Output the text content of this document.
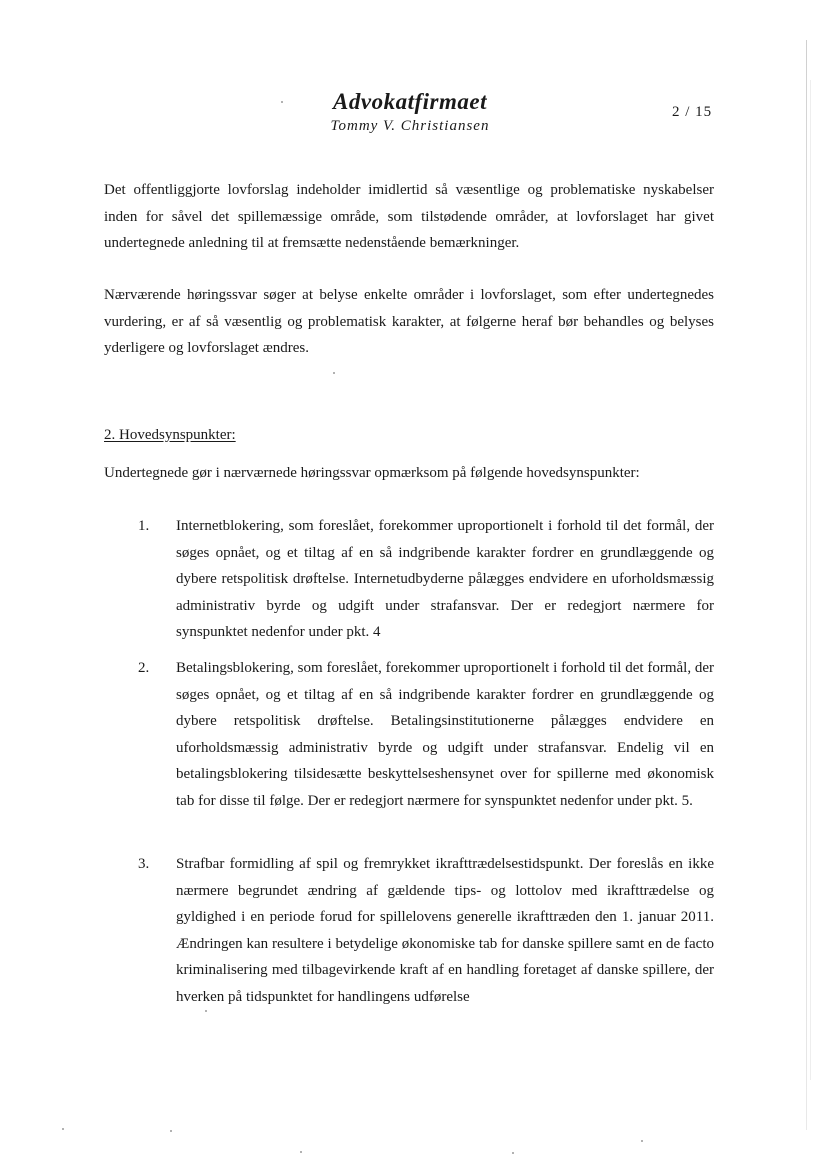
Advokatfirmaet
Tommy V. Christiansen
2 / 15
Det offentliggjorte lovforslag indeholder imidlertid så væsentlige og problematiske nyskabelser inden for såvel det spillemæssige område, som tilstødende områder, at lovforslaget har givet undertegnede anledning til at fremsætte nedenstående bemærkninger.
Nærværende høringssvar søger at belyse enkelte områder i lovforslaget, som efter undertegnedes vurdering, er af så væsentlig og problematisk karakter, at følgerne heraf bør behandles og belyses yderligere og lovforslaget ændres.
2. Hovedsynspunkter:
Undertegnede gør i nærværnede høringssvar opmærksom på følgende hovedsynspunkter:
1. Internetblokering, som foreslået, forekommer uproportionelt i forhold til det formål, der søges opnået, og et tiltag af en så indgribende karakter fordrer en grundlæggende og dybere retspolitisk drøftelse. Internetudbyderne pålægges endvidere en uforholdsmæssig administrativ byrde og udgift under strafansvar. Der er redegjort nærmere for synspunktet nedenfor under pkt. 4
2. Betalingsblokering, som foreslået, forekommer uproportionelt i forhold til det formål, der søges opnået, og et tiltag af en så indgribende karakter fordrer en grundlæggende og dybere retspolitisk drøftelse. Betalingsinstitutionerne pålægges endvidere en uforholdsmæssig administrativ byrde og udgift under strafansvar. Endelig vil en betalingsblokering tilsidesætte beskyttelseshensynet over for spillerne med økonomisk tab for disse til følge. Der er redegjort nærmere for synspunktet nedenfor under pkt. 5.
3. Strafbar formidling af spil og fremrykket ikrafttrædelsestidspunkt. Der foreslås en ikke nærmere begrundet ændring af gældende tips- og lottolov med ikrafttrædelse og gyldighed i en periode forud for spillelovens generelle ikrafttræden den 1. januar 2011. Ændringen kan resultere i betydelige økonomiske tab for danske spillere samt en de facto kriminalisering med tilbagevirkende kraft af en handling foretaget af danske spillere, der hverken på tidspunktet for handlingens udførelse
